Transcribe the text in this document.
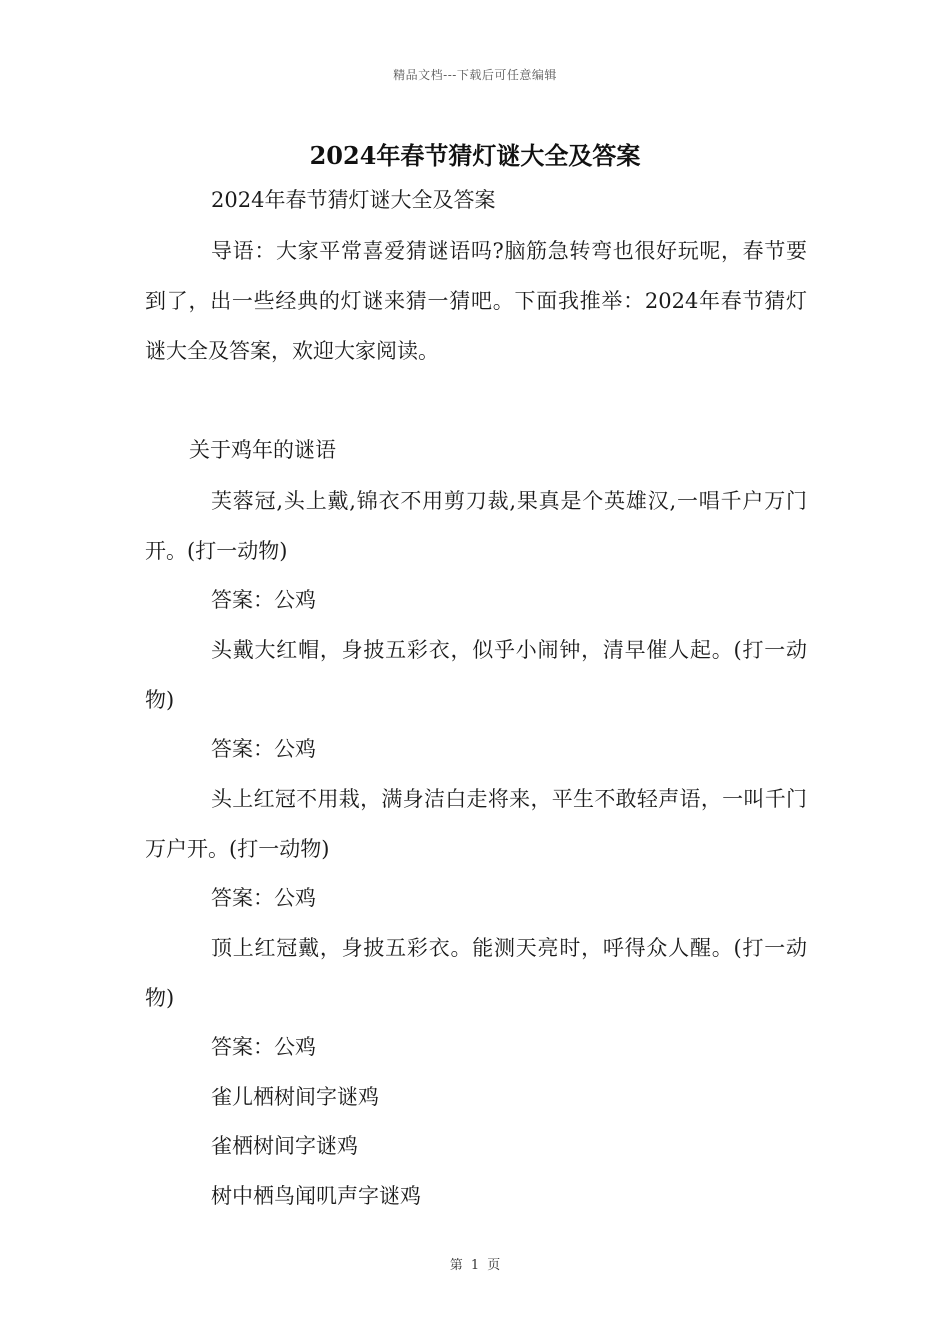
精品文档---下载后可任意编辑
2024年春节猜灯谜大全及答案
2024年春节猜灯谜大全及答案
导语：大家平常喜爱猜谜语吗?脑筋急转弯也很好玩呢，春节要到了，出一些经典的灯谜来猜一猜吧。下面我推举：2024年春节猜灯谜大全及答案，欢迎大家阅读。
关于鸡年的谜语
芙蓉冠,头上戴,锦衣不用剪刀裁,果真是个英雄汉,一唱千户万门开。(打一动物)
答案：公鸡
头戴大红帽，身披五彩衣，似乎小闹钟，清早催人起。(打一动物)
答案：公鸡
头上红冠不用栽，满身洁白走将来，平生不敢轻声语，一叫千门万户开。(打一动物)
答案：公鸡
顶上红冠戴，身披五彩衣。能测天亮时，呼得众人醒。(打一动物)
答案：公鸡
雀儿栖树间字谜鸡
雀栖树间字谜鸡
树中栖鸟闻叽声字谜鸡
第 1 页
